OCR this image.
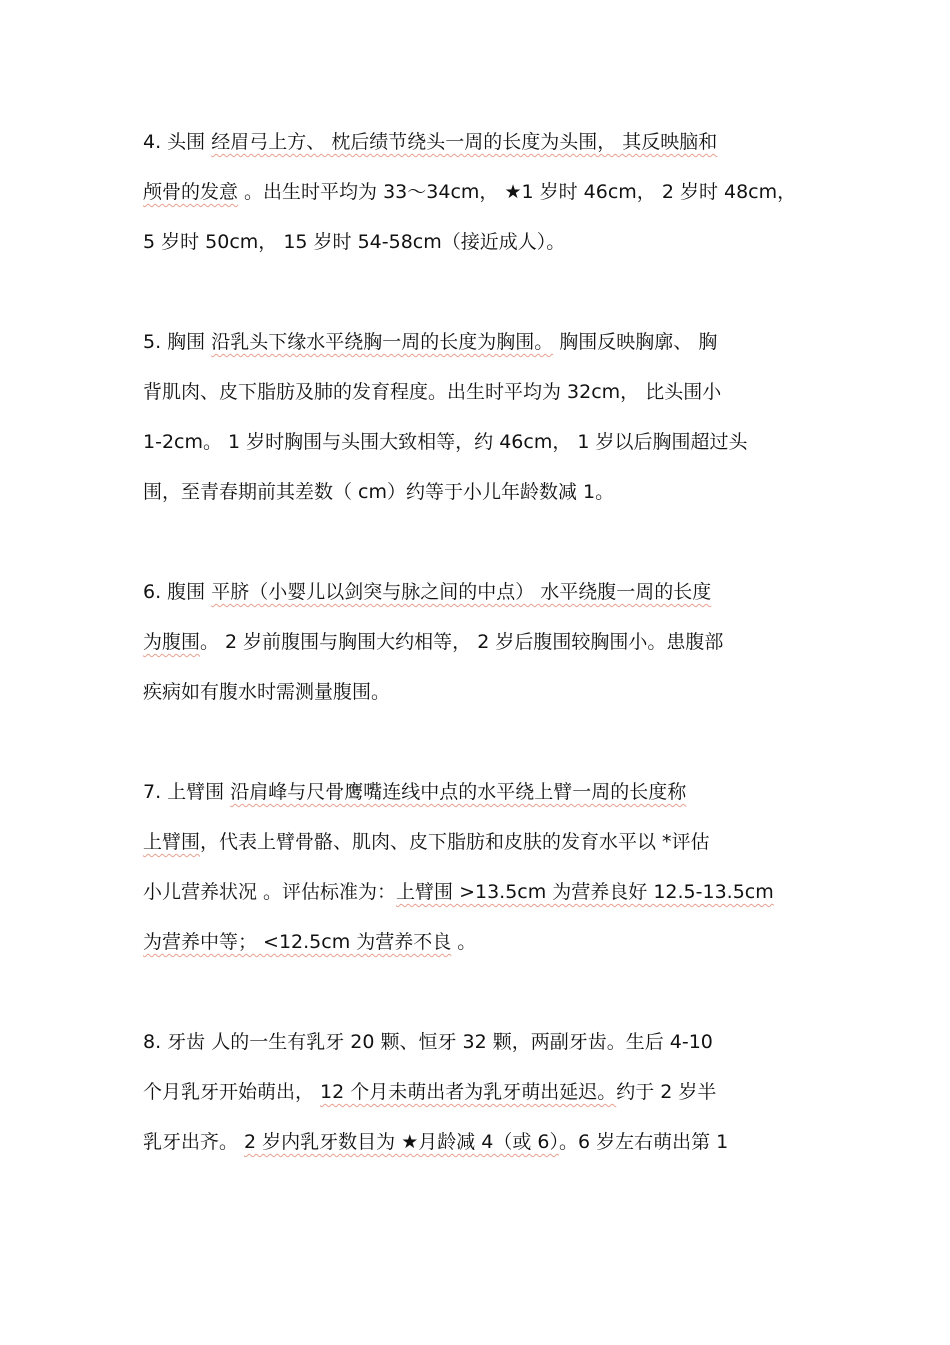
4. 头围 经眉弓上方、 枕后绩节绕头一周的长度为头围， 其反映脑和
颅骨的发意 。出生时平均为 33～34cm， ★1 岁时 46cm， 2 岁时 48cm，
5 岁时 50cm， 15 岁时 54-58cm（接近成人）。
5. 胸围 沿乳头下缘水平绕胸一周的长度为胸围。 胸围反映胸廓、 胸
背肌肉、皮下脂肪及肺的发育程度。出生时平均为 32cm， 比头围小
1-2cm。 1 岁时胸围与头围大致相等，约 46cm， 1 岁以后胸围超过头
围，至青春期前其差数（ cm）约等于小儿年龄数减 1。
6. 腹围 平脐（小婴儿以剑突与脉之间的中点） 水平绕腹一周的长度
为腹围。 2 岁前腹围与胸围大约相等， 2 岁后腹围较胸围小。患腹部
疾病如有腹水时需测量腹围。
7. 上臂围 沿肩峰与尺骨鹰嘴连线中点的水平绕上臂一周的长度称
上臂围，代表上臂骨骼、肌肉、皮下脂肪和皮肤的发育水平以 *评估
小儿营养状况 。评估标准为：上臂围 >13.5cm 为营养良好 12.5-13.5cm
为营养中等； <12.5cm 为营养不良 。
8. 牙齿 人的一生有乳牙 20 颗、恒牙 32 颗，两副牙齿。生后 4-10
个月乳牙开始萌出， 12 个月未萌出者为乳牙萌出延迟。约于 2 岁半
乳牙出齐。 2 岁内乳牙数目为 ★月龄减 4（或 6）。6 岁左右萌出第 1
